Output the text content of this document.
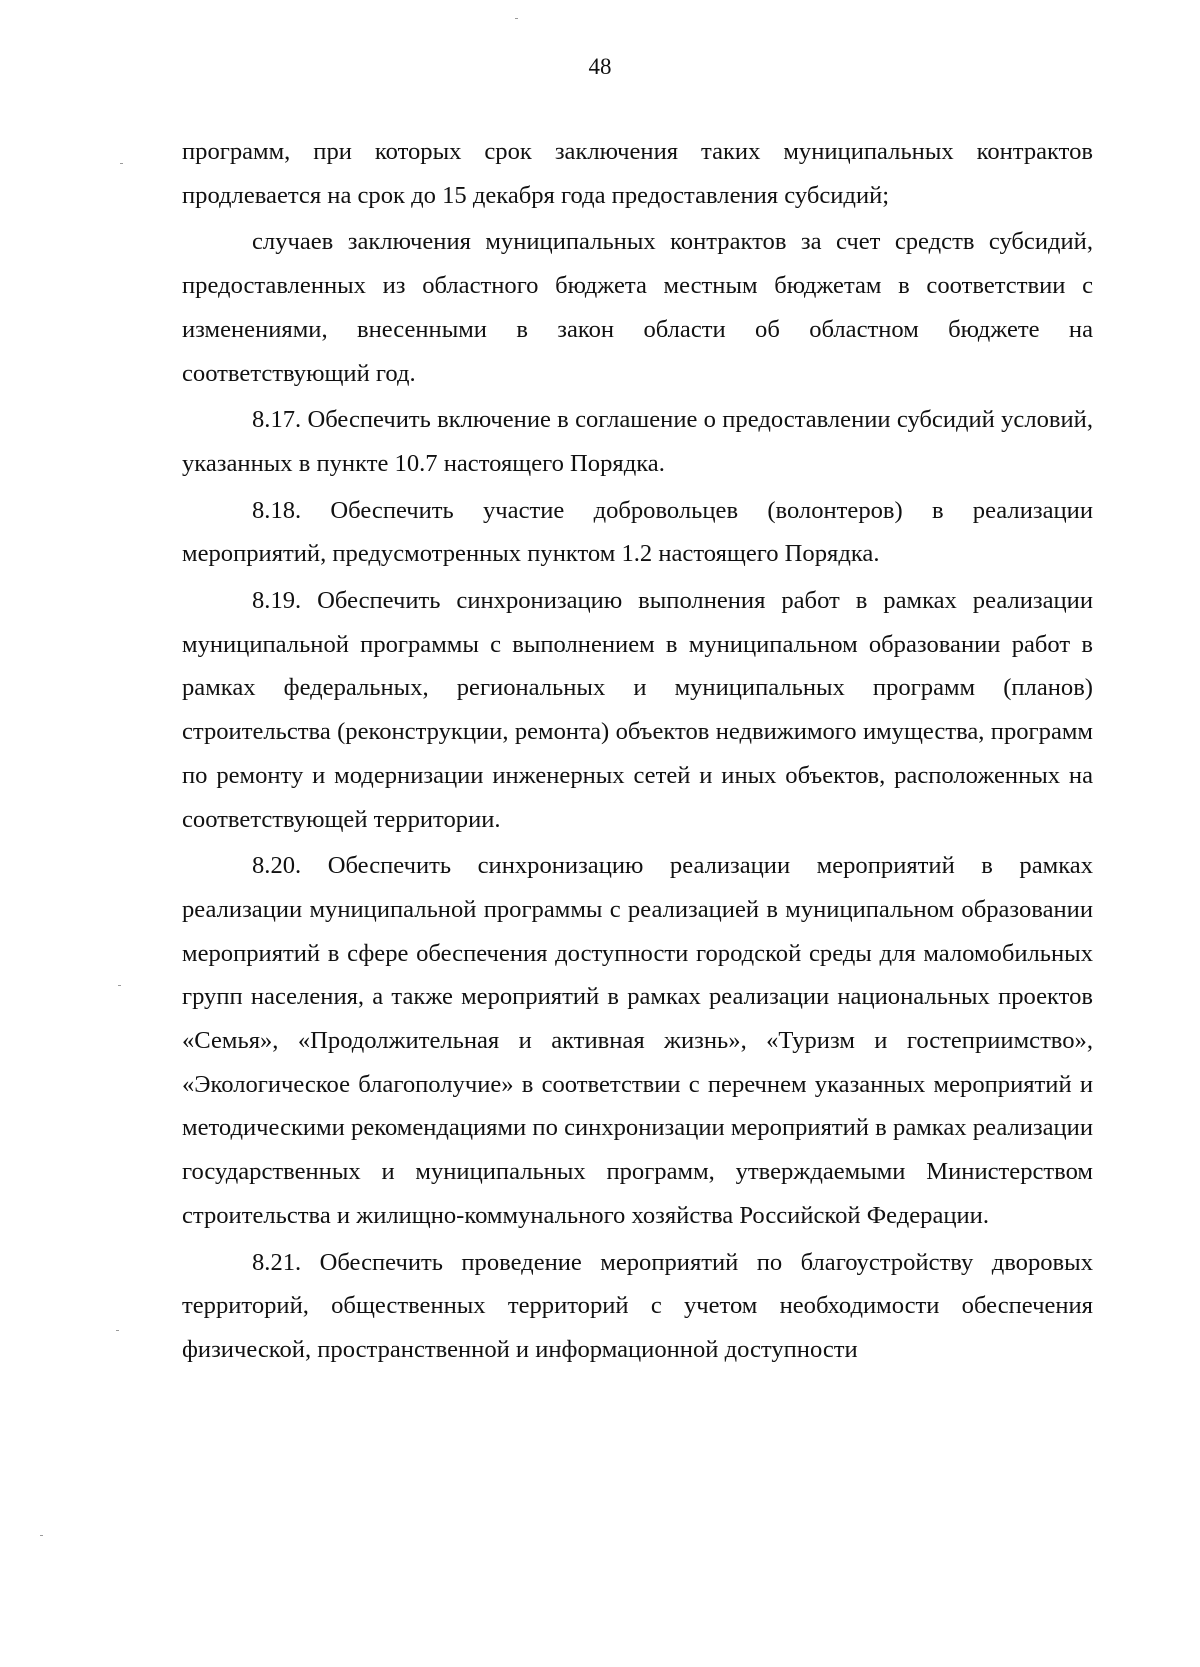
48

программ, при которых срок заключения таких муниципальных контрактов продлевается на срок до 15 декабря года предоставления субсидий;

случаев заключения муниципальных контрактов за счет средств субсидий, предоставленных из областного бюджета местным бюджетам в соответствии с изменениями, внесенными в закон области об областном бюджете на соответствующий год.

8.17. Обеспечить включение в соглашение о предоставлении субсидий условий, указанных в пункте 10.7 настоящего Порядка.

8.18. Обеспечить участие добровольцев (волонтеров) в реализации мероприятий, предусмотренных пунктом 1.2 настоящего Порядка.

8.19. Обеспечить синхронизацию выполнения работ в рамках реализации муниципальной программы с выполнением в муниципальном образовании работ в рамках федеральных, региональных и муниципальных программ (планов) строительства (реконструкции, ремонта) объектов недвижимого имущества, программ по ремонту и модернизации инженерных сетей и иных объектов, расположенных на соответствующей территории.

8.20. Обеспечить синхронизацию реализации мероприятий в рамках реализации муниципальной программы с реализацией в муниципальном образовании мероприятий в сфере обеспечения доступности городской среды для маломобильных групп населения, а также мероприятий в рамках реализации национальных проектов «Семья», «Продолжительная и активная жизнь», «Туризм и гостеприимство», «Экологическое благополучие» в соответствии с перечнем указанных мероприятий и методическими рекомендациями по синхронизации мероприятий в рамках реализации государственных и муниципальных программ, утверждаемыми Министерством строительства и жилищно-коммунального хозяйства Российской Федерации.

8.21. Обеспечить проведение мероприятий по благоустройству дворовых территорий, общественных территорий с учетом необходимости обеспечения физической, пространственной и информационной доступности
